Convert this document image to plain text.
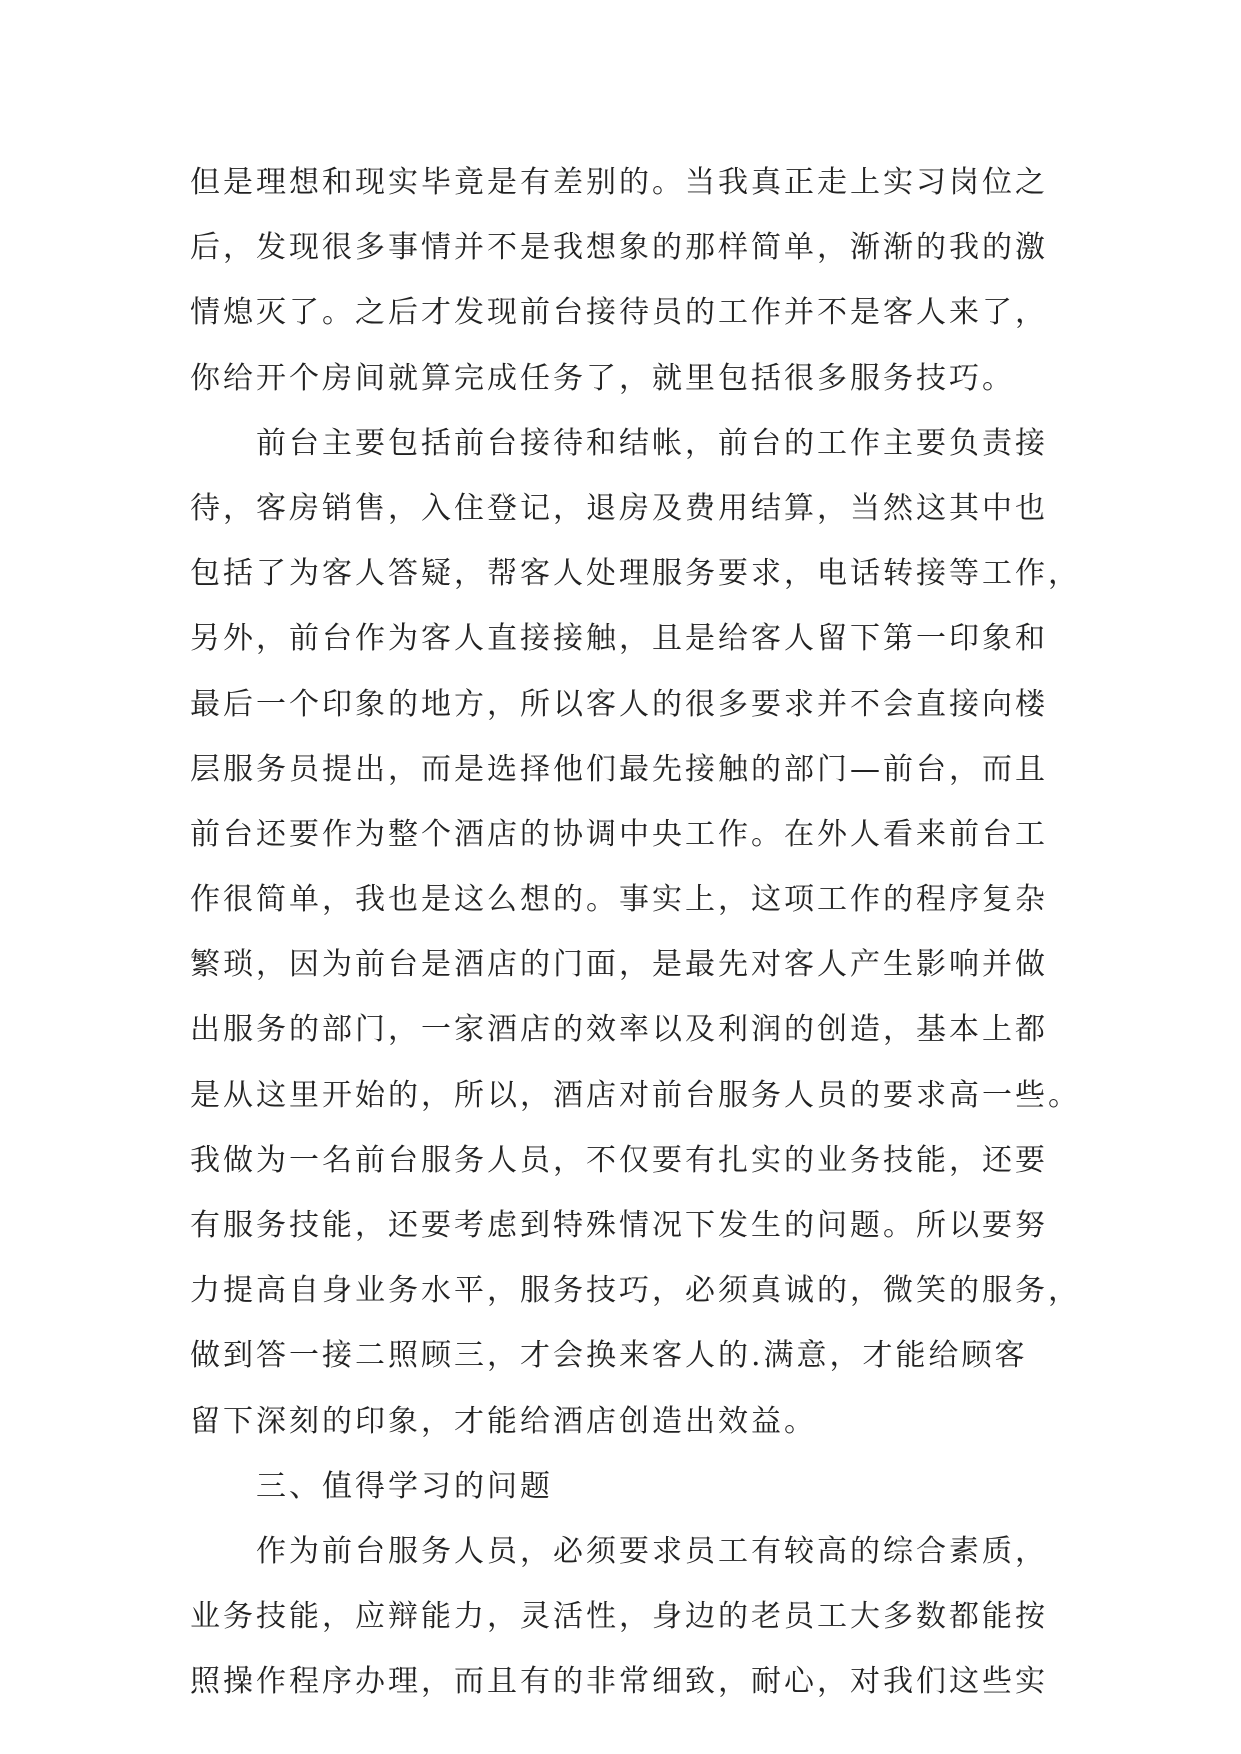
但是理想和现实毕竟是有差别的。当我真正走上实习岗位之
后，发现很多事情并不是我想象的那样简单，渐渐的我的激
情熄灭了。之后才发现前台接待员的工作并不是客人来了，
你给开个房间就算完成任务了，就里包括很多服务技巧。
前台主要包括前台接待和结帐，前台的工作主要负责接
待，客房销售，入住登记，退房及费用结算，当然这其中也
包括了为客人答疑，帮客人处理服务要求，电话转接等工作，
另外，前台作为客人直接接触，且是给客人留下第一印象和
最后一个印象的地方，所以客人的很多要求并不会直接向楼
层服务员提出，而是选择他们最先接触的部门—前台，而且
前台还要作为整个酒店的协调中央工作。在外人看来前台工
作很简单，我也是这么想的。事实上，这项工作的程序复杂
繁琐，因为前台是酒店的门面，是最先对客人产生影响并做
出服务的部门，一家酒店的效率以及利润的创造，基本上都
是从这里开始的，所以，酒店对前台服务人员的要求高一些。
我做为一名前台服务人员，不仅要有扎实的业务技能，还要
有服务技能，还要考虑到特殊情况下发生的问题。所以要努
力提高自身业务水平，服务技巧，必须真诚的，微笑的服务，
做到答一接二照顾三，才会换来客人的.满意，才能给顾客
留下深刻的印象，才能给酒店创造出效益。
三、值得学习的问题
作为前台服务人员，必须要求员工有较高的综合素质，
业务技能，应辩能力，灵活性，身边的老员工大多数都能按
照操作程序办理，而且有的非常细致，耐心，对我们这些实
